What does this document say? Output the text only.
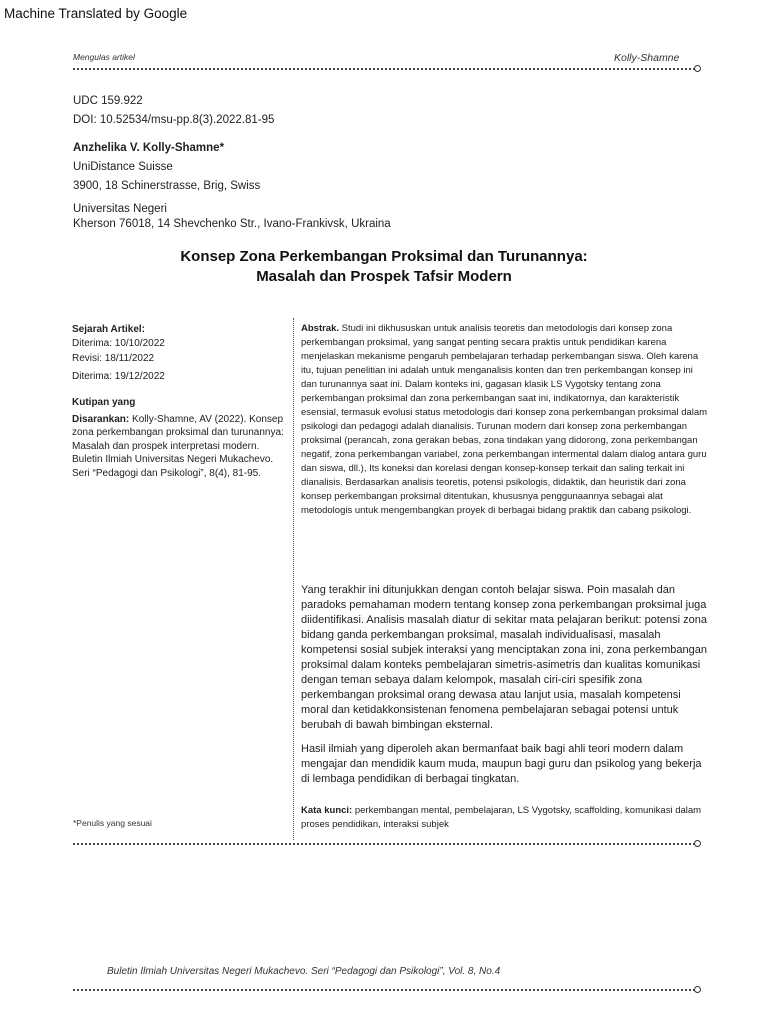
Machine Translated by Google
Mengulas artikel	Kolly-Shamne
UDC 159.922
DOI: 10.52534/msu-pp.8(3).2022.81-95
Anzhelika V. Kolly-Shamne*
UniDistance Suisse
3900, 18 Schinerstrasse, Brig, Swiss
Universitas Negeri
Kherson 76018, 14 Shevchenko Str., Ivano-Frankivsk, Ukraina
Konsep Zona Perkembangan Proksimal dan Turunannya:
Masalah dan Prospek Tafsir Modern
Sejarah Artikel:
Diterima: 10/10/2022
Revisi: 18/11/2022
Diterima: 19/12/2022
Kutipan yang
Disarankan: Kolly-Shamne, AV (2022). Konsep zona perkembangan proksimal dan turunannya: Masalah dan prospek interpretasi modern. Buletin Ilmiah Universitas Negeri Mukachevo. Seri “Pedagogi dan Psikologi”, 8(4), 81-95.
*Penulis yang sesuai

Abstrak. Studi ini dikhususkan untuk analisis teoretis dan metodologis dari konsep zona perkembangan proksimal, yang sangat penting secara praktis untuk pendidikan karena menjelaskan mekanisme pengaruh pembelajaran terhadap perkembangan siswa. Oleh karena itu, tujuan penelitian ini adalah untuk menganalisis konten dan tren perkembangan konsep ini dan turunannya saat ini. Dalam konteks ini, gagasan klasik LS Vygotsky tentang zona perkembangan proksimal dan zona perkembangan saat ini, indikatornya, dan karakteristik esensial, termasuk evolusi status metodologis dari konsep zona perkembangan proksimal dalam psikologi dan pedagogi adalah dianalisis. Turunan modern dari konsep zona perkembangan proksimal (perancah, zona gerakan bebas, zona tindakan yang didorong, zona perkembangan negatif, zona perkembangan variabel, zona perkembangan intermental dalam dialog antara guru dan siswa, dll.), Its koneksi dan korelasi dengan konsep-konsep terkait dan saling terkait ini dianalisis. Berdasarkan analisis teoretis, potensi psikologis, didaktik, dan heuristik dari zona konsep perkembangan proksimal ditentukan, khususnya penggunaannya sebagai alat metodologis untuk mengembangkan proyek di berbagai bidang praktik dan cabang psikologi.

Yang terakhir ini ditunjukkan dengan contoh belajar siswa. Poin masalah dan paradoks pemahaman modern tentang konsep zona perkembangan proksimal juga diidentifikasi. Analisis masalah diatur di sekitar mata pelajaran berikut: potensi zona bidang ganda perkembangan proksimal, masalah individualisasi, masalah kompetensi sosial subjek interaksi yang menciptakan zona ini, zona perkembangan proksimal dalam konteks pembelajaran simetris-asimetris dan kualitas komunikasi dengan teman sebaya dalam kelompok, masalah ciri-ciri spesifik zona perkembangan proksimal orang dewasa atau lanjut usia, masalah kompetensi moral dan ketidakkonsistenan fenomena pembelajaran sebagai potensi untuk berubah di bawah bimbingan eksternal.
Hasil ilmiah yang diperoleh akan bermanfaat baik bagi ahli teori modern dalam mengajar dan mendidik kaum muda, maupun bagi guru dan psikolog yang bekerja di lembaga pendidikan di berbagai tingkatan.

Kata kunci: perkembangan mental, pembelajaran, LS Vygotsky, scaffolding, komunikasi dalam proses pendidikan, interaksi subjek

Buletin Ilmiah Universitas Negeri Mukachevo. Seri “Pedagogi dan Psikologi”, Vol. 8, No.4
